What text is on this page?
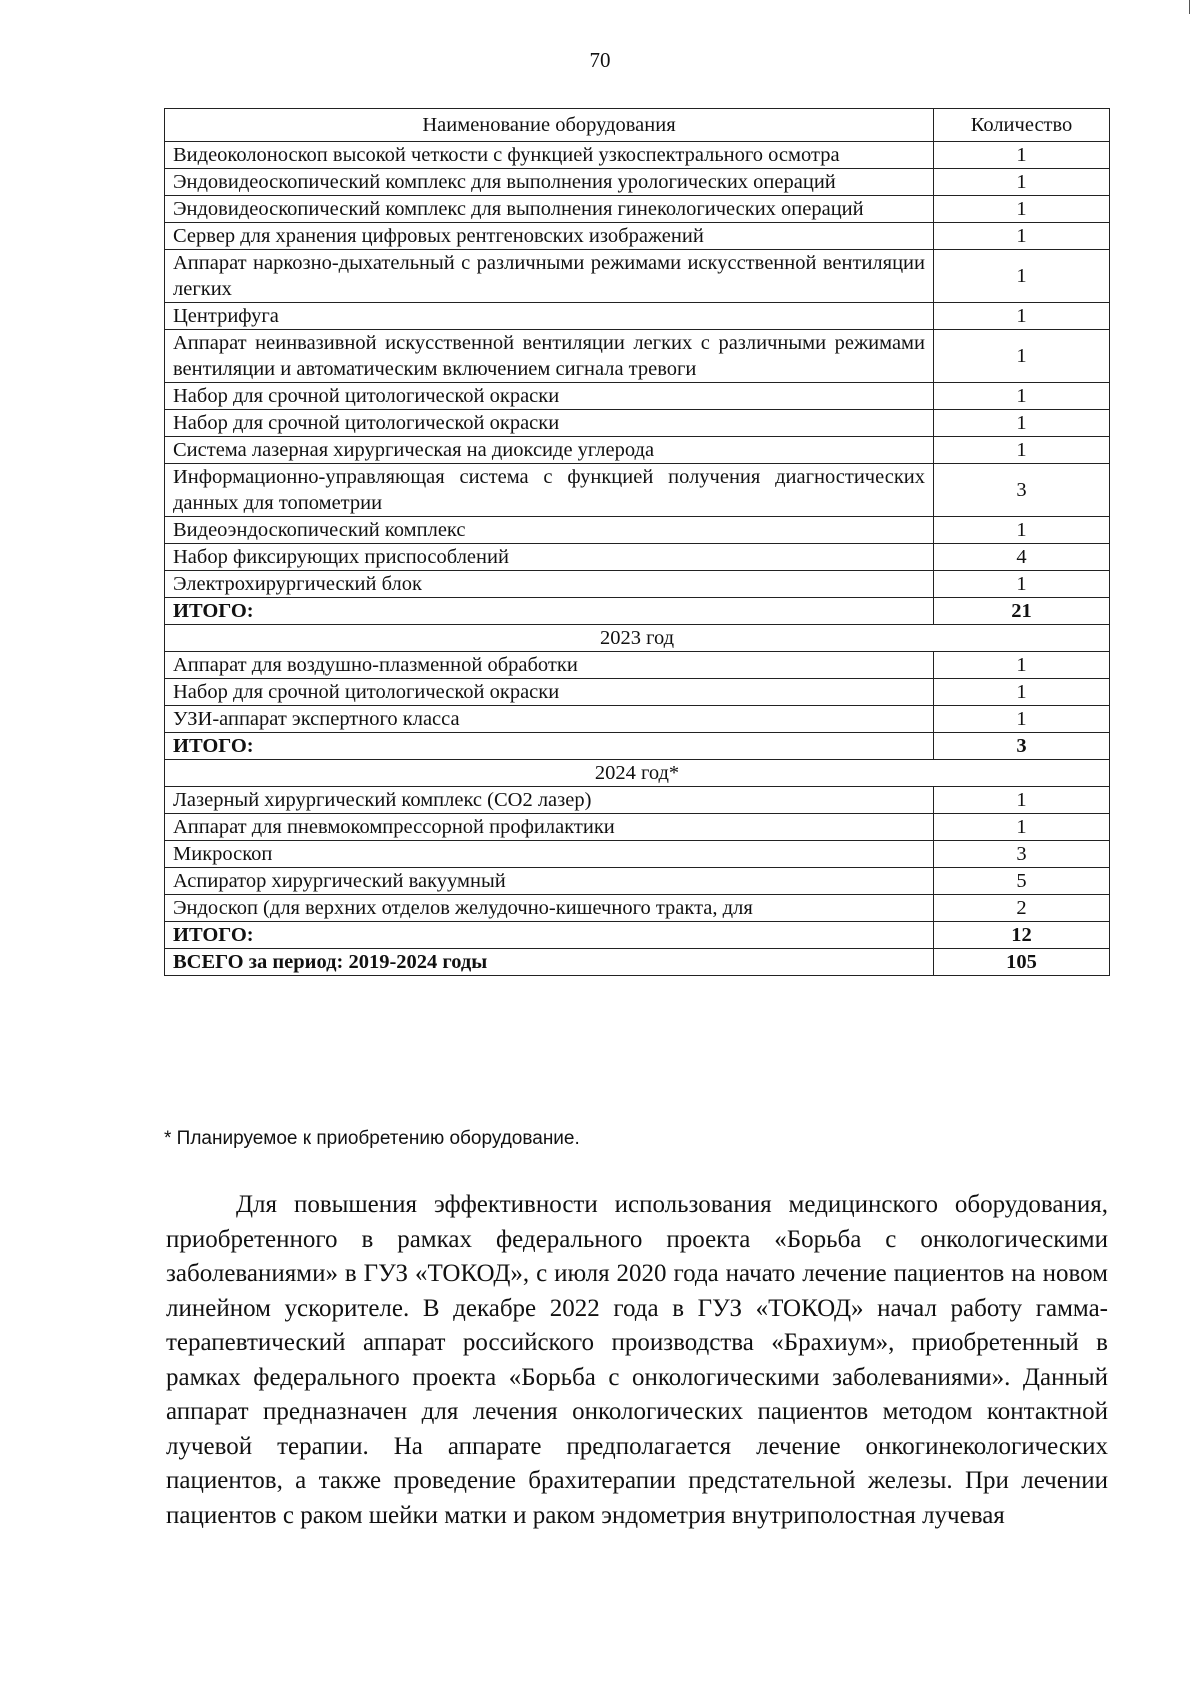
70
Наименование оборудования	Количество
Видеоколоноскоп высокой четкости с функцией узкоспектрального осмотра	1
Эндовидеоскопический комплекс для выполнения урологических операций	1
Эндовидеоскопический комплекс для выполнения гинекологических операций	1
Сервер для хранения цифровых рентгеновских изображений	1
Аппарат наркозно-дыхательный с различными режимами искусственной вентиляции легких	1
Центрифуга	1
Аппарат неинвазивной искусственной вентиляции легких с различными режимами вентиляции и автоматическим включением сигнала тревоги	1
Набор для срочной цитологической окраски	1
Набор для срочной цитологической окраски	1
Система лазерная хирургическая на диоксиде углерода	1
Информационно-управляющая система с функцией получения диагностических данных для топометрии	3
Видеоэндоскопический комплекс	1
Набор фиксирующих приспособлений	4
Электрохирургический блок	1
ИТОГО:	21
2023 год	
Аппарат для воздушно-плазменной обработки	1
Набор для срочной цитологической окраски	1
УЗИ-аппарат экспертного класса	1
ИТОГО:	3
2024 год*	
Лазерный хирургический комплекс (СО2 лазер)	1
Аппарат для пневмокомпрессорной профилактики	1
Микроскоп	3
Аспиратор хирургический вакуумный	5
Эндоскоп (для верхних отделов желудочно-кишечного тракта, для	2
ИТОГО:	12
ВСЕГО за период: 2019-2024 годы	105
* Планируемое к приобретению оборудование.

Для повышения эффективности использования медицинского оборудования, приобретенного в рамках федерального проекта «Борьба с онкологическими заболеваниями» в ГУЗ «ТОКОД», с июля 2020 года начато лечение пациентов на новом линейном ускорителе. В декабре 2022 года в ГУЗ «ТОКОД» начал работу гамма-терапевтический аппарат российского производства «Брахиум», приобретенный в рамках федерального проекта «Борьба с онкологическими заболеваниями». Данный аппарат предназначен для лечения онкологических пациентов методом контактной лучевой терапии. На аппарате предполагается лечение онкогинекологических пациентов, а также проведение брахитерапии предстательной железы. При лечении пациентов с раком шейки матки и раком эндометрия внутриполостная лучевая
